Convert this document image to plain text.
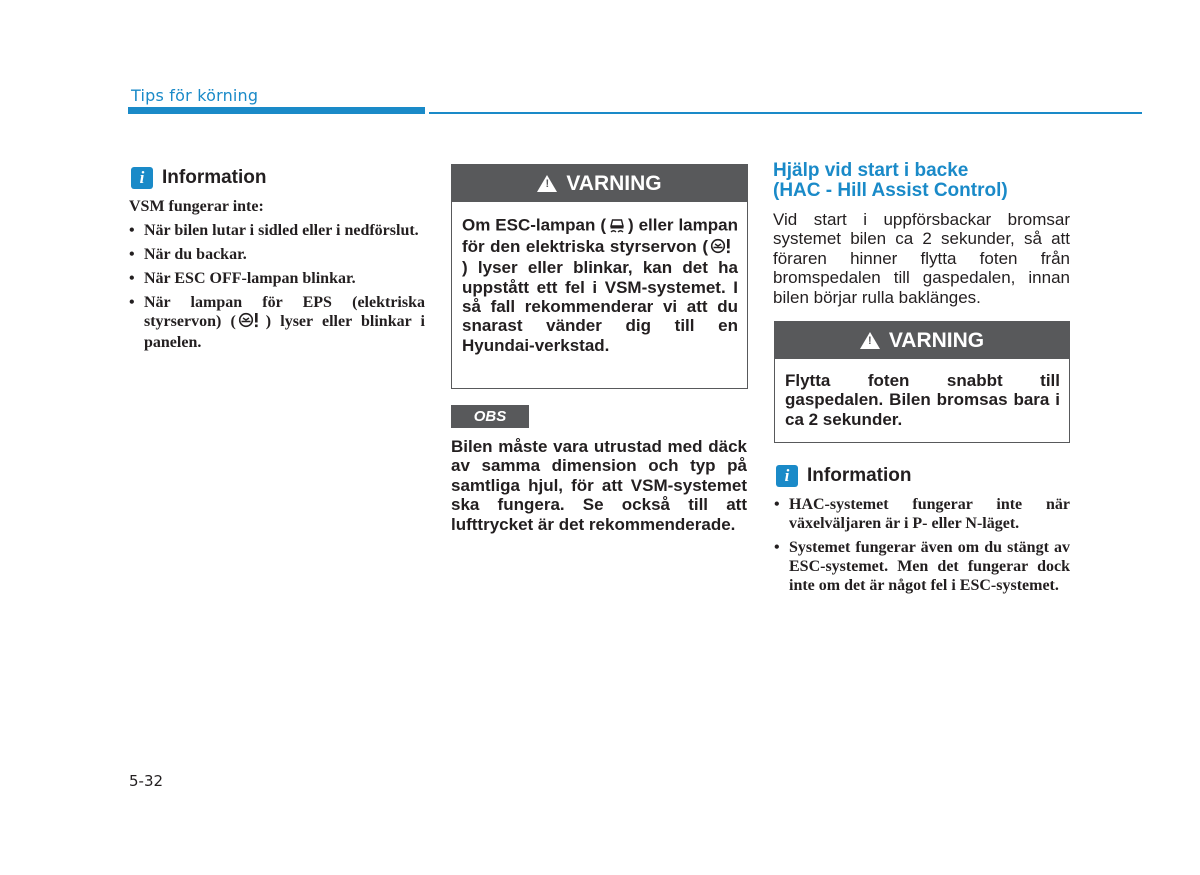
Tips för körning
i Information

VSM fungerar inte:

• När bilen lutar i sidled eller i nedförslut.
• När du backar.
• När ESC OFF-lampan blinkar.
• När lampan för EPS (elektriska styrservon) ( ) lyser eller blinkar i panelen.
! VARNING
Om ESC-lampan ( ) eller lampan för den elektriska styrservon () lyser eller blinkar, kan det ha uppstått ett fel i VSM-systemet. I så fall rekommenderar vi att du snarast vänder dig till en Hyundai-verkstad.
OBS
Bilen måste vara utrustad med däck av samma dimension och typ på samtliga hjul, för att VSM-systemet ska fungera. Se också till att lufttrycket är det rekommenderade.
Hjälp vid start i backe
(HAC - Hill Assist Control)
Vid start i uppförsbackar bromsar systemet bilen ca 2 sekunder, så att föraren hinner flytta foten från bromspedalen till gaspedalen, innan bilen börjar rulla baklänges.
! VARNING
Flytta foten snabbt till gaspedalen. Bilen bromsas bara i ca 2 sekunder.
i Information
• HAC-systemet fungerar inte när växelväljaren är i P- eller N-läget.
• Systemet fungerar även om du stängt av ESC-systemet. Men det fungerar dock inte om det är något fel i ESC-systemet.
5-32
